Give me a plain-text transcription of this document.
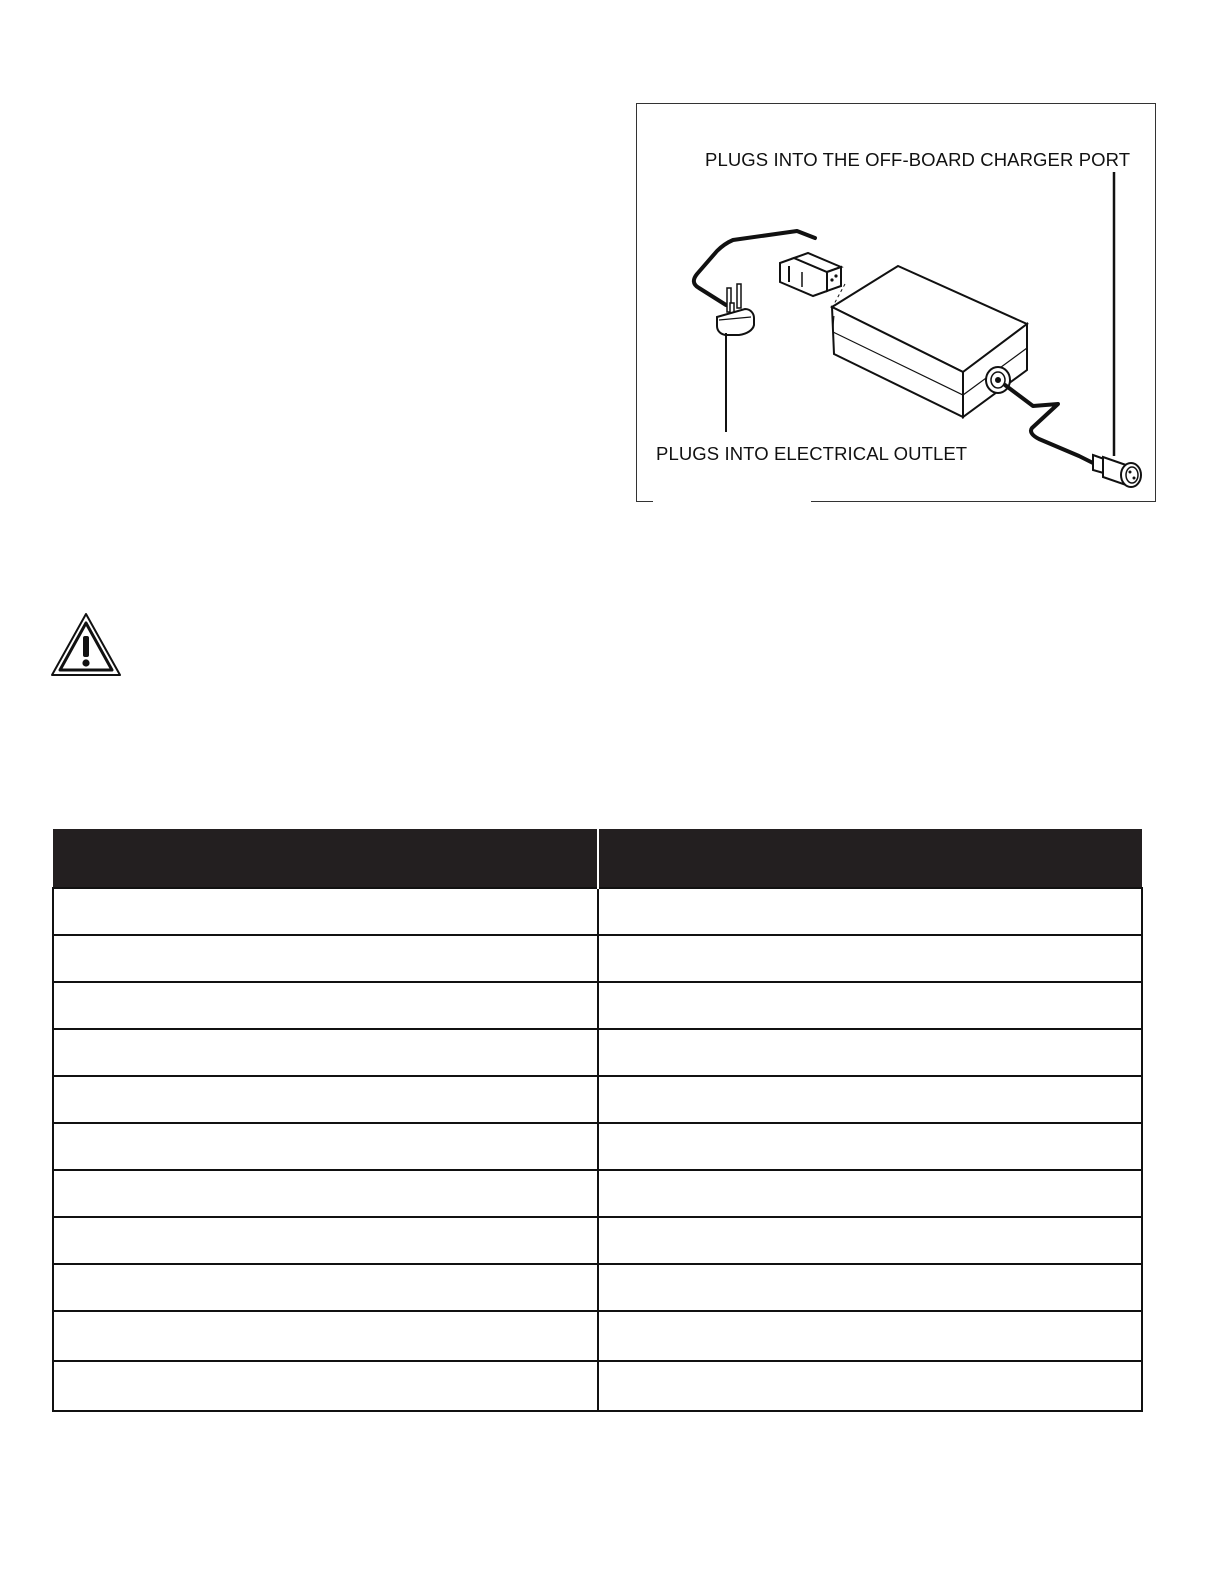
PLUGS INTO THE OFF-BOARD CHARGER PORT
PLUGS INTO ELECTRICAL OUTLET
